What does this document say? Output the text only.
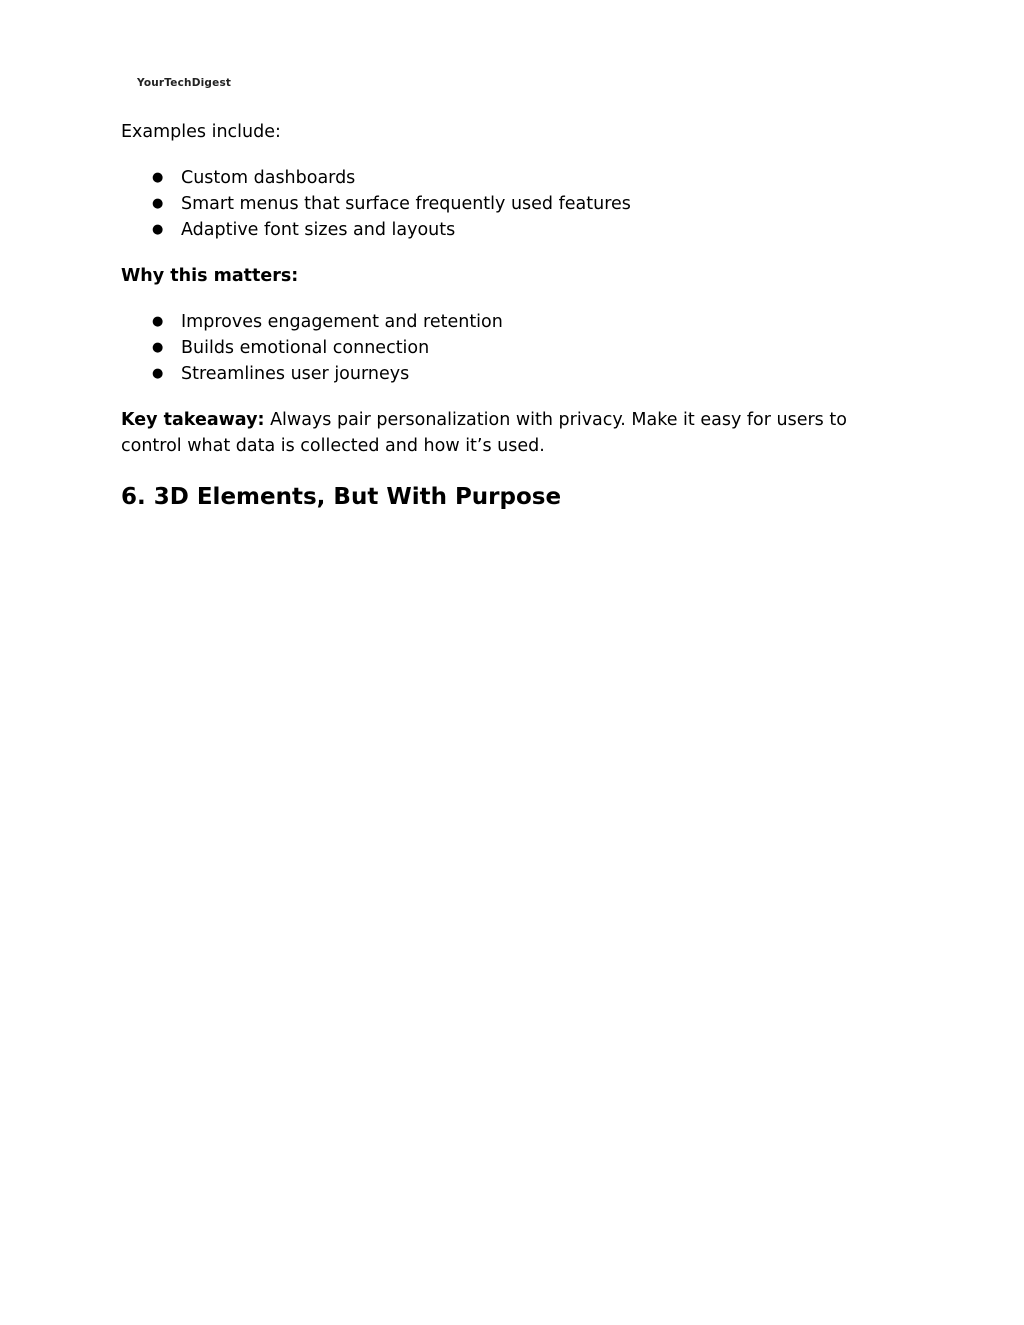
YourTechDigest

Examples include:

● Custom dashboards
● Smart menus that surface frequently used features
● Adaptive font sizes and layouts

Why this matters:

● Improves engagement and retention
● Builds emotional connection
● Streamlines user journeys

Key takeaway: Always pair personalization with privacy. Make it easy for users to control what data is collected and how it’s used.

6. 3D Elements, But With Purpose
